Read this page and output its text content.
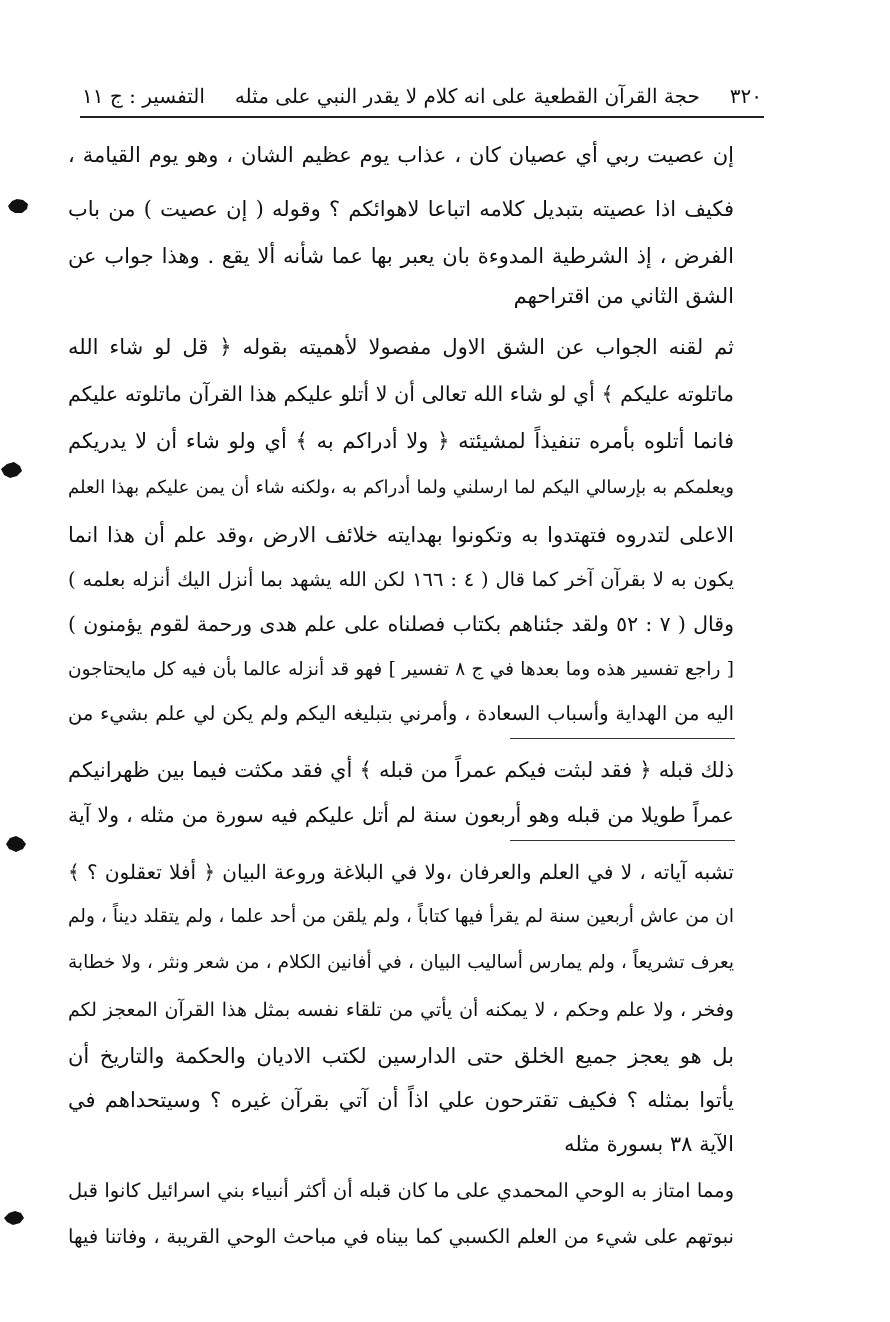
٣٢٠
حجة القرآن القطعية على انه كلام لا يقدر النبي على مثله
التفسير : ج ١١
إن عصيت ربي أي عصيان كان ، عذاب يوم عظيم الشان ، وهو يوم القيامة ،
فكيف اذا عصيته بتبديل كلامه اتباعا لاهوائكم ؟ وقوله ( إن عصيت ) من باب
الفرض ، إذ الشرطية المدوءة بان يعبر بها عما شأنه ألا يقع . وهذا جواب عن
الشق الثاني من اقتراحهم
ثم لقنه الجواب عن الشق الاول مفصولا لأهميته بقوله ﴿ قل لو شاء الله
ماتلوته عليكم ﴾ أي لو شاء الله تعالى أن لا أتلو عليكم هذا القرآن ماتلوته عليكم
فانما أتلوه بأمره تنفيذاً لمشيئته ﴿ ولا أدراكم به ﴾ أي ولو شاء أن لا يدريكم
ويعلمكم به بإرسالي اليكم لما ارسلني ولما أدراكم به ،ولكنه شاء أن يمن عليكم بهذا العلم
الاعلى لتدروه فتهتدوا به وتكونوا بهدايته خلائف الارض ،وقد علم أن هذا انما
يكون به لا بقرآن آخر كما قال ( ٤ : ١٦٦ لكن الله يشهد بما أنزل اليك أنزله بعلمه )
وقال ( ٧ : ٥٢ ولقد جئناهم بكتاب فصلناه على علم هدى ورحمة لقوم يؤمنون )
[ راجع تفسير هذه وما بعدها في ج ٨ تفسير ] فهو قد أنزله عالما بأن فيه كل مايحتاجون
اليه من الهداية وأسباب السعادة ، وأمرني بتبليغه اليكم ولم يكن لي علم بشيء من
ذلك قبله ﴿ فقد لبثت فيكم عمراً من قبله ﴾ أي فقد مكثت فيما بين ظهرانيكم
عمراً طويلا من قبله وهو أربعون سنة لم أتل عليكم فيه سورة من مثله ، ولا آية
تشبه آياته ، لا في العلم والعرفان ،ولا في البلاغة وروعة البيان ﴿ أفلا تعقلون ؟ ﴾
ان من عاش أربعين سنة لم يقرأ فيها كتاباً ، ولم يلقن من أحد علما ، ولم يتقلد ديناً ، ولم
يعرف تشريعاً ، ولم يمارس أساليب البيان ، في أفانين الكلام ، من شعر ونثر ، ولا خطابة
وفخر ، ولا علم وحكم ، لا يمكنه أن يأتي من تلقاء نفسه بمثل هذا القرآن المعجز لكم
بل هو يعجز جميع الخلق حتى الدارسين لكتب الاديان والحكمة والتاريخ أن
يأتوا بمثله ؟ فكيف تقترحون علي اذاً أن آتي بقرآن غيره ؟ وسيتحداهم في
الآية ٣٨ بسورة مثله
ومما امتاز به الوحي المحمدي على ما كان قبله أن أكثر أنبياء بني اسرائيل كانوا قبل
نبوتهم على شيء من العلم الكسبي كما بيناه في مباحث الوحي القريبة ، وفاتنا فيها
